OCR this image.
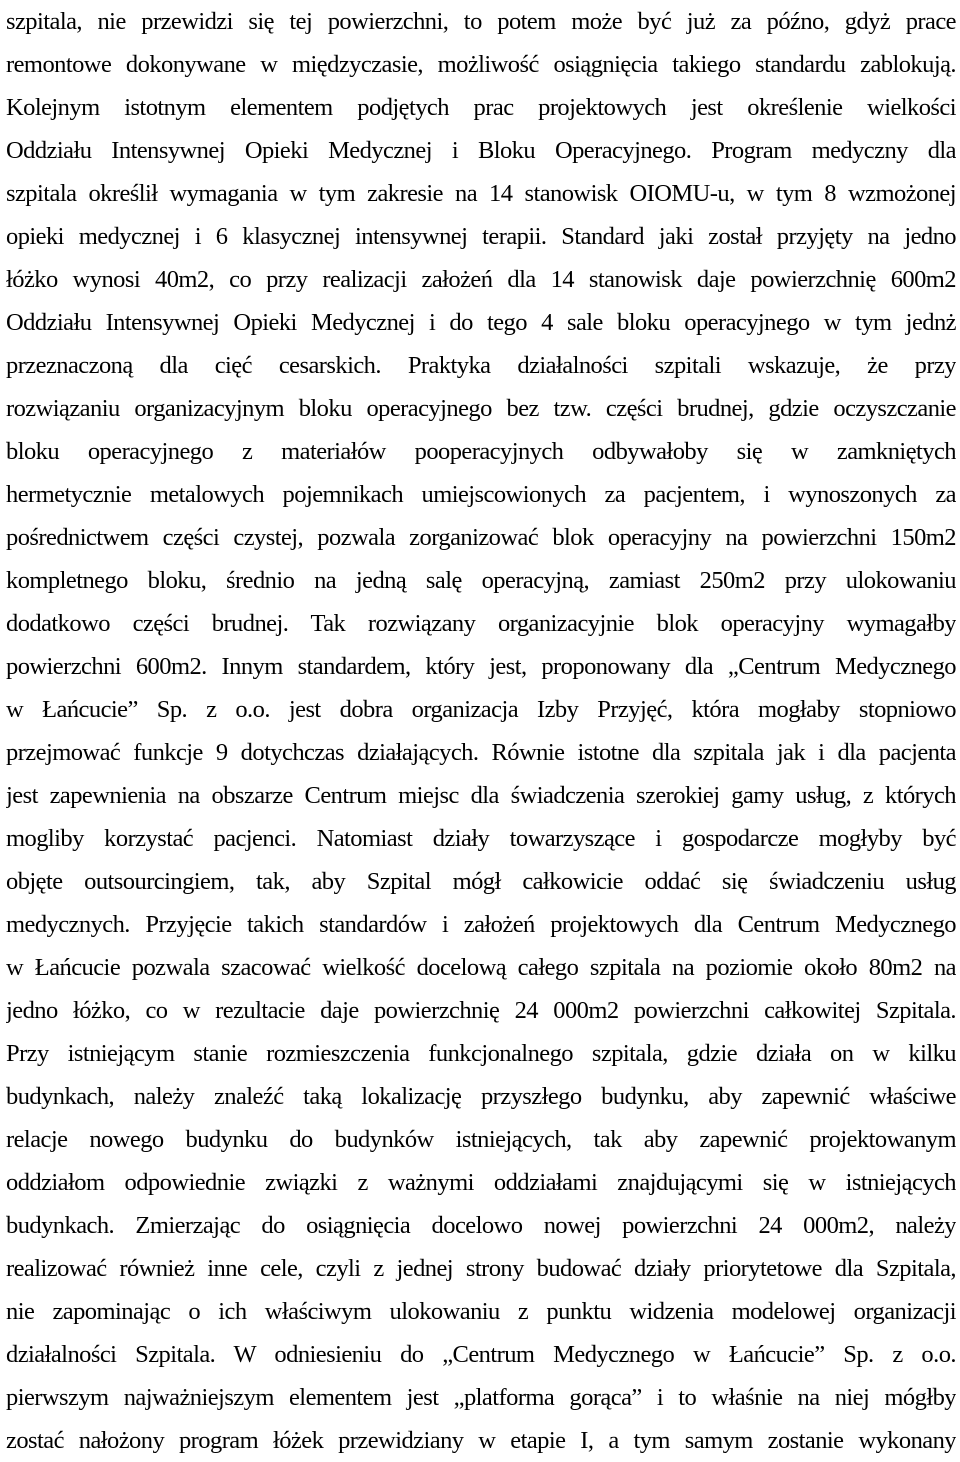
szpitala, nie przewidzi się tej powierzchni, to potem może być już za późno, gdyż prace
remontowe dokonywane w międzyczasie, możliwość osiągnięcia takiego standardu zablokują.
Kolejnym istotnym elementem podjętych prac projektowych jest określenie wielkości
Oddziału Intensywnej Opieki Medycznej i Bloku Operacyjnego. Program medyczny dla
szpitala określił wymagania w tym zakresie na 14 stanowisk OIOMU-u, w tym 8 wzmożonej
opieki medycznej i 6 klasycznej intensywnej terapii. Standard jaki został przyjęty na jedno
łóżko wynosi 40m2, co przy realizacji założeń dla 14 stanowisk daje powierzchnię 600m2
Oddziału Intensywnej Opieki Medycznej i do tego 4 sale bloku operacyjnego w tym jednż
przeznaczoną dla cięć cesarskich. Praktyka działalności szpitali wskazuje, że przy
rozwiązaniu organizacyjnym bloku operacyjnego bez tzw. części brudnej, gdzie oczyszczanie
bloku operacyjnego z materiałów pooperacyjnych odbywałoby się w zamkniętych
hermetycznie metalowych pojemnikach umiejscowionych za pacjentem, i wynoszonych za
pośrednictwem części czystej, pozwala zorganizować blok operacyjny na powierzchni 150m2
kompletnego bloku, średnio na jedną salę operacyjną, zamiast 250m2 przy ulokowaniu
dodatkowo części brudnej. Tak rozwiązany organizacyjnie blok operacyjny wymagałby
powierzchni 600m2. Innym standardem, który jest, proponowany dla „Centrum Medycznego
w Łańcucie” Sp. z o.o. jest dobra organizacja Izby Przyjęć, która mogłaby stopniowo
przejmować funkcje 9 dotychczas działających. Równie istotne dla szpitala jak i dla pacjenta
jest zapewnienia na obszarze Centrum miejsc dla świadczenia szerokiej gamy usług, z których
mogliby korzystać pacjenci. Natomiast działy towarzyszące i gospodarcze mogłyby być
objęte outsourcingiem, tak, aby Szpital mógł całkowicie oddać się świadczeniu usług
medycznych. Przyjęcie takich standardów i założeń projektowych dla Centrum Medycznego
w Łańcucie pozwala szacować wielkość docelową całego szpitala na poziomie około 80m2 na
jedno łóżko, co w rezultacie daje powierzchnię 24 000m2 powierzchni całkowitej Szpitala.
Przy istniejącym stanie rozmieszczenia funkcjonalnego szpitala, gdzie działa on w kilku
budynkach, należy znaleźć taką lokalizację przyszłego budynku, aby zapewnić właściwe
relacje nowego budynku do budynków istniejących, tak aby zapewnić projektowanym
oddziałom odpowiednie związki z ważnymi oddziałami znajdującymi się w istniejących
budynkach. Zmierzając do osiągnięcia docelowo nowej powierzchni 24 000m2, należy
realizować również inne cele, czyli z jednej strony budować działy priorytetowe dla Szpitala,
nie zapominając o ich właściwym ulokowaniu z punktu widzenia modelowej organizacji
działalności Szpitala. W odniesieniu do „Centrum Medycznego w Łańcucie” Sp. z o.o.
pierwszym najważniejszym elementem jest „platforma gorąca” i to właśnie na niej mógłby
zostać nałożony program łóżek przewidziany w etapie I, a tym samym zostanie wykonany
